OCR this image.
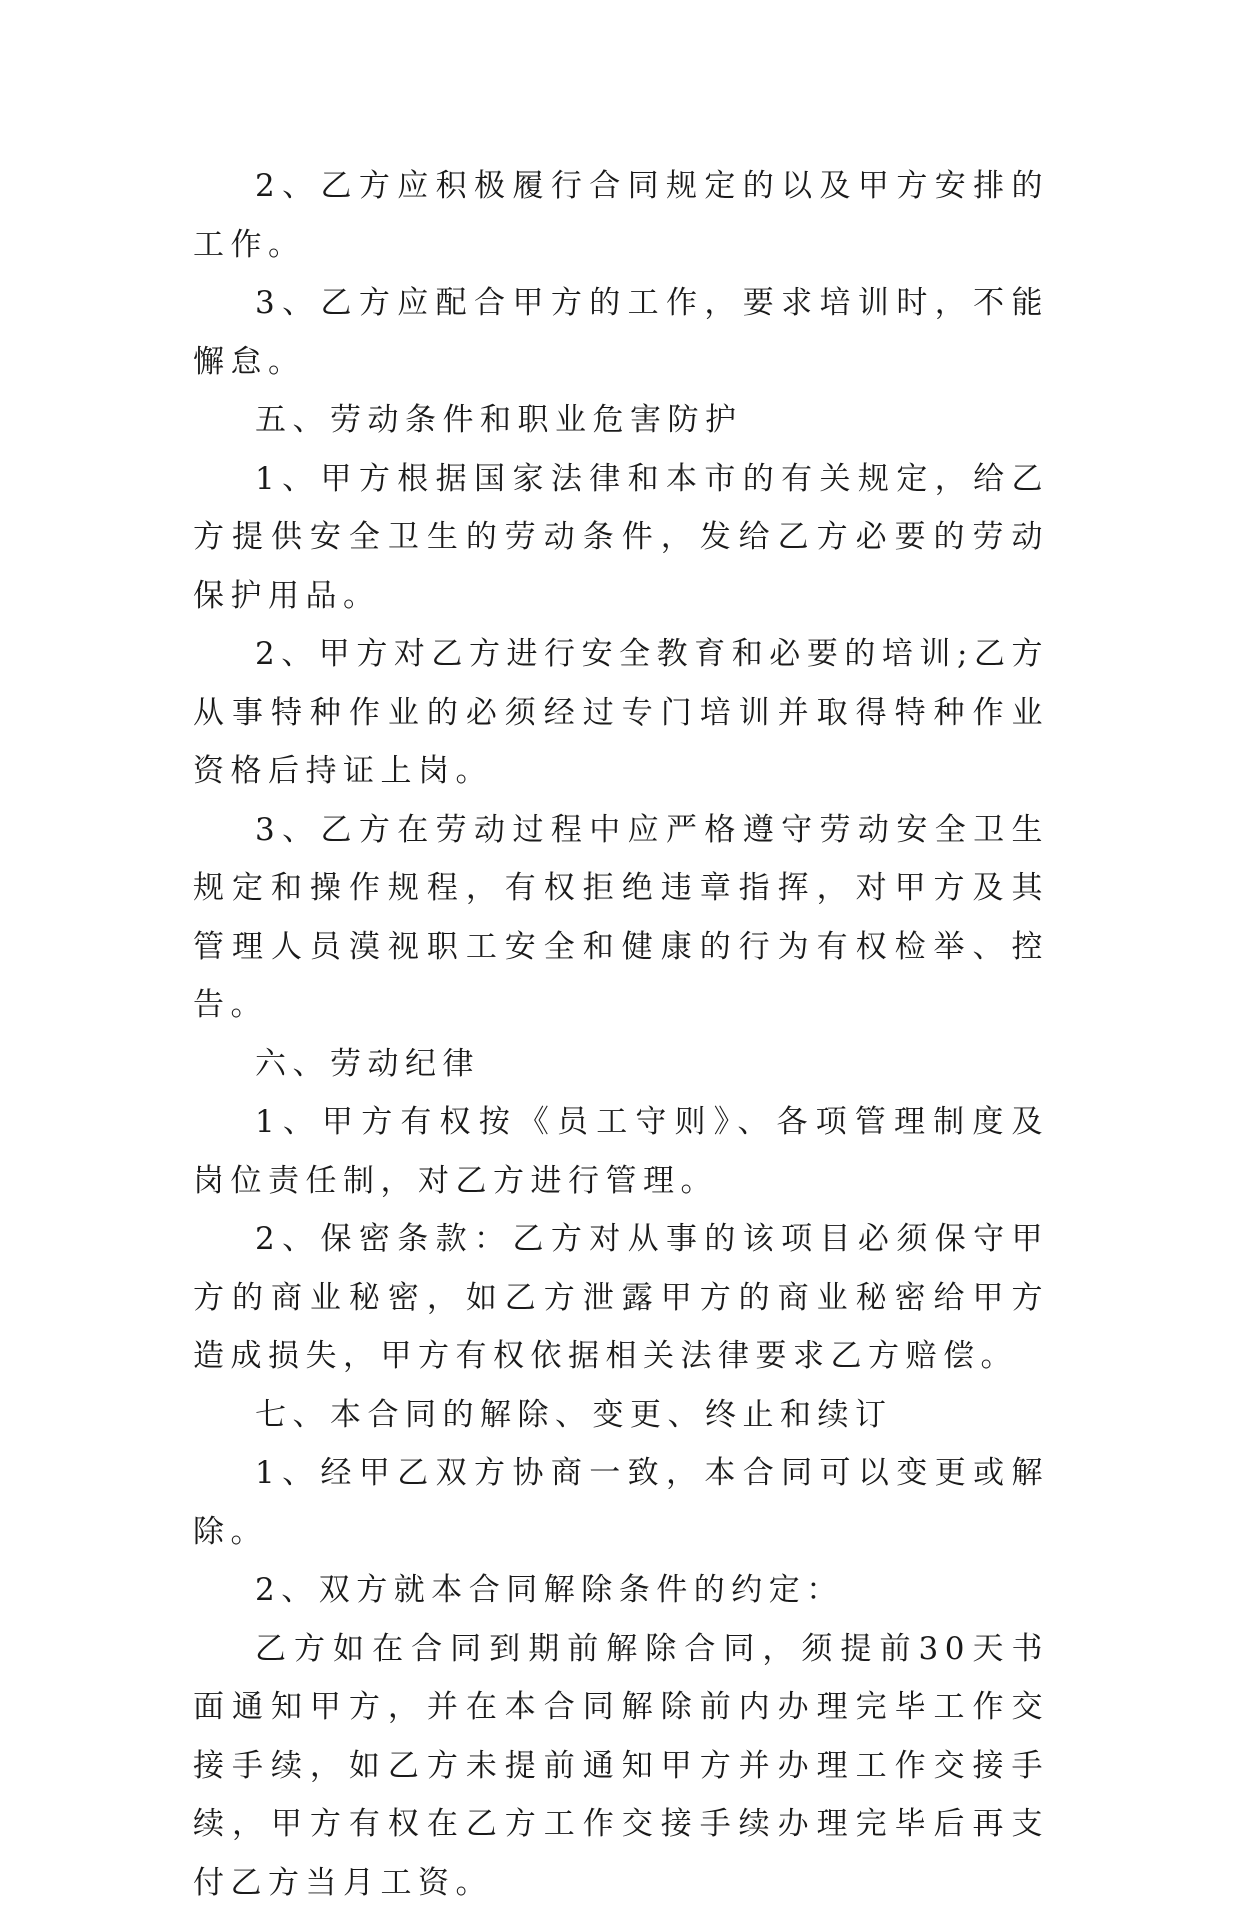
2、乙方应积极履行合同规定的以及甲方安排的工作。

3、乙方应配合甲方的工作，要求培训时，不能懈怠。

五、劳动条件和职业危害防护

1、甲方根据国家法律和本市的有关规定，给乙方提供安全卫生的劳动条件，发给乙方必要的劳动保护用品。

2、甲方对乙方进行安全教育和必要的培训;乙方从事特种作业的必须经过专门培训并取得特种作业资格后持证上岗。

3、乙方在劳动过程中应严格遵守劳动安全卫生规定和操作规程，有权拒绝违章指挥，对甲方及其管理人员漠视职工安全和健康的行为有权检举、控告。

六、劳动纪律

1、甲方有权按《员工守则》、各项管理制度及岗位责任制，对乙方进行管理。

2、保密条款：乙方对从事的该项目必须保守甲方的商业秘密，如乙方泄露甲方的商业秘密给甲方造成损失，甲方有权依据相关法律要求乙方赔偿。

七、本合同的解除、变更、终止和续订

1、经甲乙双方协商一致，本合同可以变更或解除。

2、双方就本合同解除条件的约定：

乙方如在合同到期前解除合同，须提前30天书面通知甲方，并在本合同解除前内办理完毕工作交接手续，如乙方未提前通知甲方并办理工作交接手续，甲方有权在乙方工作交接手续办理完毕后再支付乙方当月工资。
